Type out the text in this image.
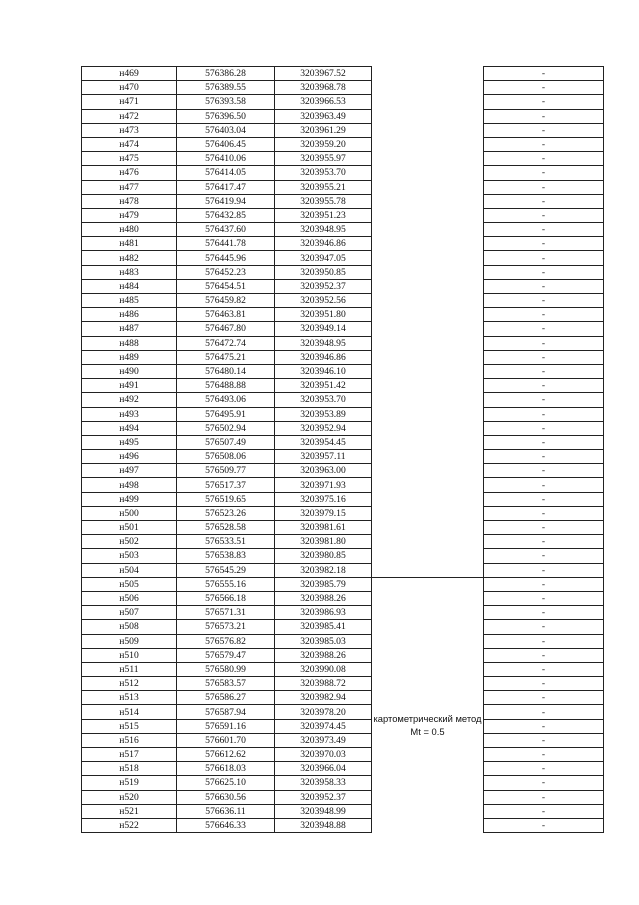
н469	576386.28	3203967.52		-
н470	576389.55	3203968.78		-
н471	576393.58	3203966.53		-
н472	576396.50	3203963.49		-
н473	576403.04	3203961.29		-
н474	576406.45	3203959.20		-
н475	576410.06	3203955.97		-
н476	576414.05	3203953.70		-
н477	576417.47	3203955.21		-
н478	576419.94	3203955.78		-
н479	576432.85	3203951.23		-
н480	576437.60	3203948.95		-
н481	576441.78	3203946.86		-
н482	576445.96	3203947.05		-
н483	576452.23	3203950.85		-
н484	576454.51	3203952.37		-
н485	576459.82	3203952.56		-
н486	576463.81	3203951.80		-
н487	576467.80	3203949.14		-
н488	576472.74	3203948.95		-
н489	576475.21	3203946.86		-
н490	576480.14	3203946.10		-
н491	576488.88	3203951.42		-
н492	576493.06	3203953.70		-
н493	576495.91	3203953.89		-
н494	576502.94	3203952.94		-
н495	576507.49	3203954.45		-
н496	576508.06	3203957.11		-
н497	576509.77	3203963.00		-
н498	576517.37	3203971.93		-
н499	576519.65	3203975.16		-
н500	576523.26	3203979.15		-
н501	576528.58	3203981.61		-
н502	576533.51	3203981.80		-
н503	576538.83	3203980.85		-
н504	576545.29	3203982.18		-
н505	576555.16	3203985.79	картометрический метод Mt = 0.5	-
н506	576566.18	3203988.26		-
н507	576571.31	3203986.93		-
н508	576573.21	3203985.41		-
н509	576576.82	3203985.03		-
н510	576579.47	3203988.26		-
н511	576580.99	3203990.08		-
н512	576583.57	3203988.72		-
н513	576586.27	3203982.94		-
н514	576587.94	3203978.20		-
н515	576591.16	3203974.45		-
н516	576601.70	3203973.49		-
н517	576612.62	3203970.03		-
н518	576618.03	3203966.04		-
н519	576625.10	3203958.33		-
н520	576630.56	3203952.37		-
н521	576636.11	3203948.99		-
н522	576646.33	3203948.88		-
